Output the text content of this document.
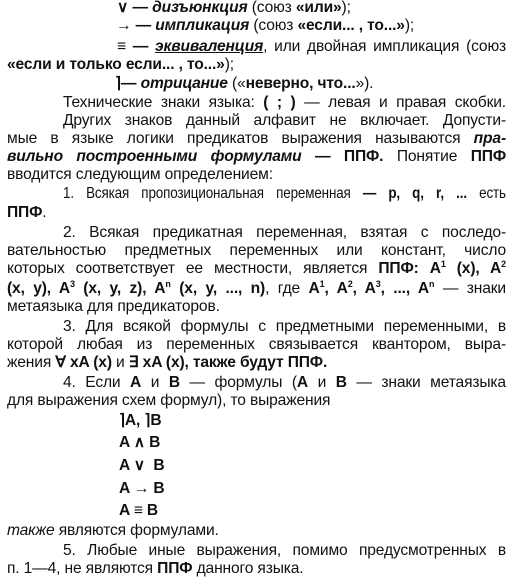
∨ — дизъюнкция (союз «или»);
→ — импликация (союз «если... , то...»);
≡ — эквиваленция, или двойная импликация (союз
«если и только если... , то...»);
⌉— отрицание («неверно, что...»).
Технические знаки языка: ( ; ) — левая и правая скобки.
Других знаков данный алфавит не включает. Допусти-
мые в языке логики предикатов выражения называются пра-
вильно построенными формулами — ППФ. Понятие ППФ
вводится следующим определением:
1. Всякая пропозициональная переменная — p, q, r, ... есть
ППФ.
2. Всякая предикатная переменная, взятая с последо-
вательностью предметных переменных или констант, число
которых соответствует ее местности, является ППФ: $A^1$ (x), $A^2$
(x, y), $A^3$ (x, y, z), $A^n$ (x, y, ..., n), где $A^1$, $A^2$, $A^3$, ..., $A^n$ — знаки
метаязыка для предикаторов.
3. Для всякой формулы с предметными переменными, в
которой любая из переменных связывается квантором, выра-
жения ∀ xA (x) и ∃ xA (x), также будут ППФ.
4. Если A и B — формулы (A и B — знаки метаязыка
для выражения схем формул), то выражения
⌉A, ⌉B
A ∧ B
A ∨  B
A → B
A ≡ B
также являются формулами.
5. Любые иные выражения, помимо предусмотренных в
п. 1—4, не являются ППФ данного языка.
